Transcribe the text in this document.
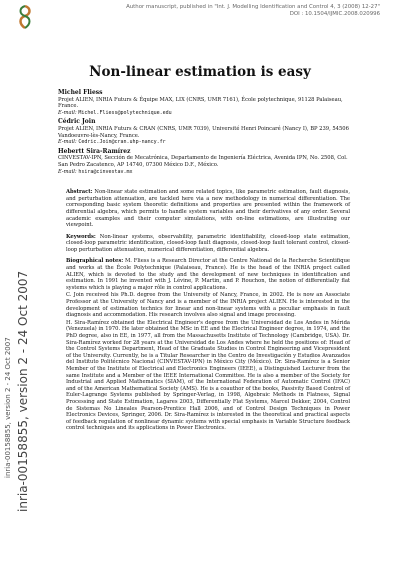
Author manuscript, published in "Int. J. Modelling Identification and Control 4, 3 (2008) 12-27"
DOI : 10.1504/IJMIC.2008.020996
inria-00158855, version 2 - 24 Oct 2007 inria-00158855, version 2 - 24 Oct 2007
Non-linear estimation is easy
Michel Fliess
Projet ALIEN, INRIA Futurs & Équipe MAX, LIX (CNRS, UMR 7161), École polytechnique, 91128 Palaiseau, France.
E-mail: Michel.Fliess@polytechnique.edu
Cédric Join
Projet ALIEN, INRIA Futurs & CRAN (CNRS, UMR 7039), Université Henri Poincaré (Nancy I), BP 239, 54506 Vandoeuvre-lès-Nancy, France.
E-mail: Cedric.Join@cran.uhp-nancy.fr
Hebertt Sira-Ramírez
CINVESTAV-IPN, Sección de Mecatrónica, Departamento de Ingeniería Eléctrica, Avenida IPN, No. 2508, Col. San Pedro Zacatenco, AP 14740, 07300 México D.F., México.
E-mail: hsira@cinvestav.mx
Abstract: Non-linear state estimation and some related topics, like parametric estimation, fault diagnosis, and perturbation attenuation, are tackled here via a new methodology in numerical differentiation. The corresponding basic system theoretic definitions and properties are presented within the framework of differential algebra, which permits to handle system variables and their derivatives of any order. Several academic examples and their computer simulations, with on-line estimations, are illustrating our viewpoint.
Keywords: Non-linear systems, observability, parametric identifiability, closed-loop state estimation, closed-loop parametric identification, closed-loop fault diagnosis, closed-loop fault tolerant control, closed-loop perturbation attenuation, numerical differentiation, differential algebra.

Biographical notes: M. Fliess is a Research Director at the Centre National de la Recherche Scientifique and works at the École Polytechnique (Palaiseau, France). He is the head of the INRIA project called ALIEN, which is devoted to the study and the development of new techniques in identification and estimation. In 1991 he invented with J. Lévine, P. Martin, and P. Rouchon, the notion of differentially flat systems which is playing a major rôle in control applications.

C. Join received his Ph.D. degree from the University of Nancy, France, in 2002. He is now an Associate Professor at the University of Nancy and is a member of the INRIA project ALIEN. He is interested in the development of estimation technics for linear and non-linear systems with a peculiar emphasis in fault diagnosis and accommodation. His research involves also signal and image processing.

H. Sira-Ramírez obtained the Electrical Engineer's degree from the Universidad de Los Andes in Mérida (Venezuela) in 1970. He later obtained the MSc in EE and the Electrical Engineer degree, in 1974, and the PhD degree, also in EE, in 1977, all from the Massachusetts Institute of Technology (Cambridge, USA). Dr. Sira-Ramírez worked for 28 years at the Universidad de Los Andes where he held the positions of: Head of the Control Systems Department, Head of the Graduate Studies in Control Engineering and Vicepresident of the University. Currently, he is a Titular Researcher in the Centro de Investigación y Estudios Avanzados del Instituto Politécnico Nacional (CINVESTAV-IPN) in México City (México). Dr. Sira-Ramírez is a Senior Member of the Institute of Electrical and Electronics Engineers (IEEE), a Distinguished Lecturer from the same Institute and a Member of the IEEE International Committee. He is also a member of the Society for Industrial and Applied Mathematics (SIAM), of the International Federation of Automatic Control (IFAC) and of the American Mathematical Society (AMS). He is a coauthor of the books, Passivity Based Control of Euler-Lagrange Systems published by Springer-Verlag, in 1998, Algebraic Methods in Flatness, Signal Processing and State Estimation, Lagares 2003, Differentially Flat Systems, Marcel Dekker, 2004, Control de Sistemas No Lineales Pearson-Prentice Hall 2006, and of Control Design Techniques in Power Electronics Devices, Springer, 2006. Dr. Sira-Ramírez is interested in the theoretical and practical aspects of feedback regulation of nonlinear dynamic systems with special emphasis in Variable Structure feedback control techniques and its applications in Power Electronics.
